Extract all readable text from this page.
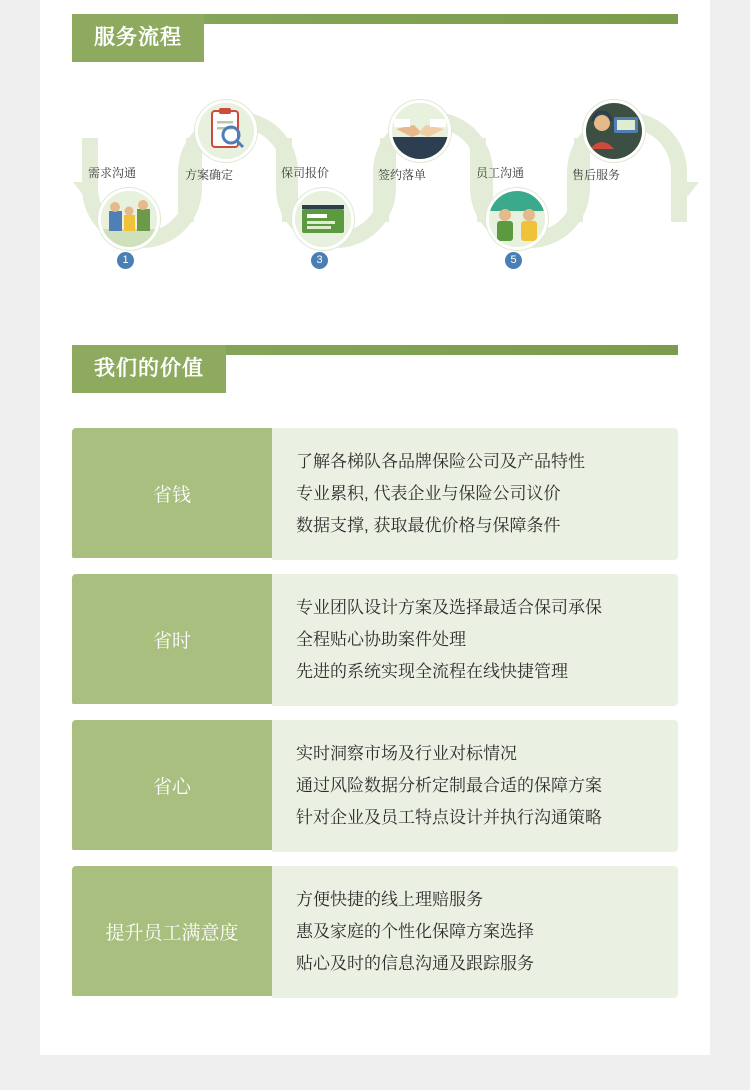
服务流程
需求沟通
1
方案确定	保司报价
3
签约落单	员工沟通
5
售后服务
我们的价值
省钱
了解各梯队各品牌保险公司及产品特性
专业累积, 代表企业与保险公司议价
数据支撑, 获取最优价格与保障条件
省时
专业团队设计方案及选择最适合保司承保
全程贴心协助案件处理
先进的系统实现全流程在线快捷管理
省心
实时洞察市场及行业对标情况
通过风险数据分析定制最合适的保障方案
针对企业及员工特点设计并执行沟通策略
提升员工满意度
方便快捷的线上理赔服务
惠及家庭的个性化保障方案选择
贴心及时的信息沟通及跟踪服务
